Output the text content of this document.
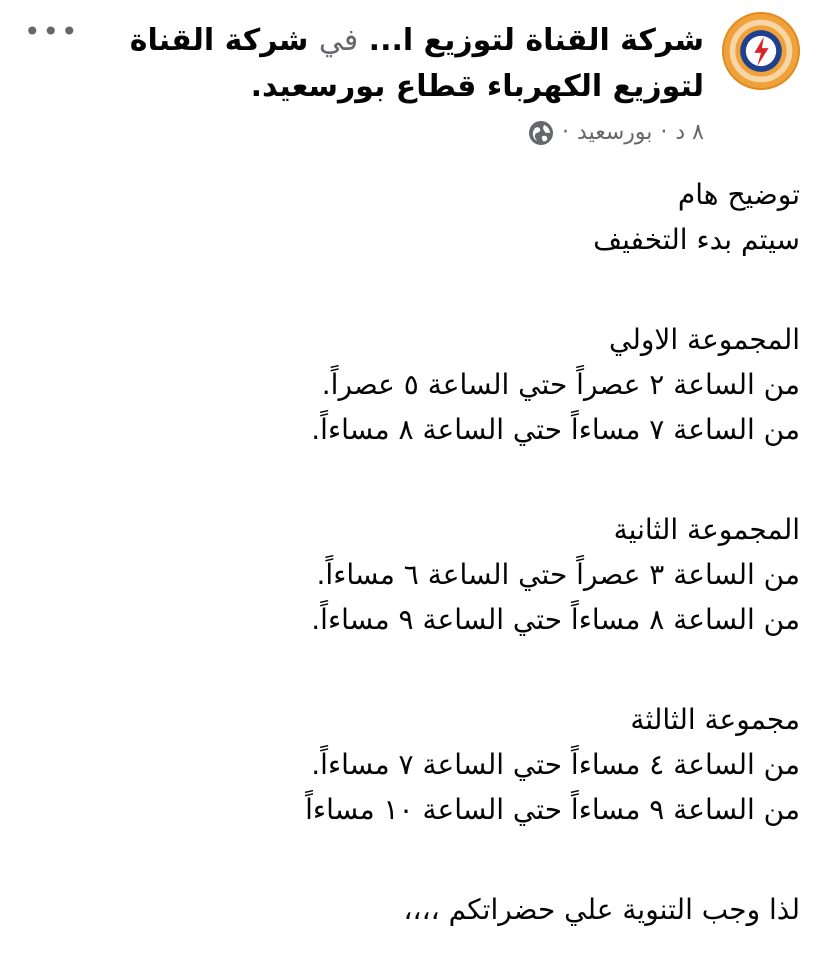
شركة القناة لتوزيع ا... في شركة القناة لتوزيع الكهرباء قطاع بورسعيد.
٨ د
·
بورسعيد
·
•••
توضيح هام
سيتم بدء التخفيف
المجموعة الاولي
من الساعة ٢ عصراً حتي الساعة ٥ عصراً.
من الساعة ٧ مساءاً حتي الساعة ٨ مساءاً.
المجموعة الثانية
من الساعة ٣ عصراً حتي الساعة ٦ مساءاً.
من الساعة ٨ مساءاً حتي الساعة ٩ مساءاً.
مجموعة الثالثة
من الساعة ٤ مساءاً حتي الساعة ٧ مساءاً.
من الساعة ٩ مساءاً حتي الساعة ١٠ مساءاً
لذا وجب التنوية علي حضراتكم ،،،،
